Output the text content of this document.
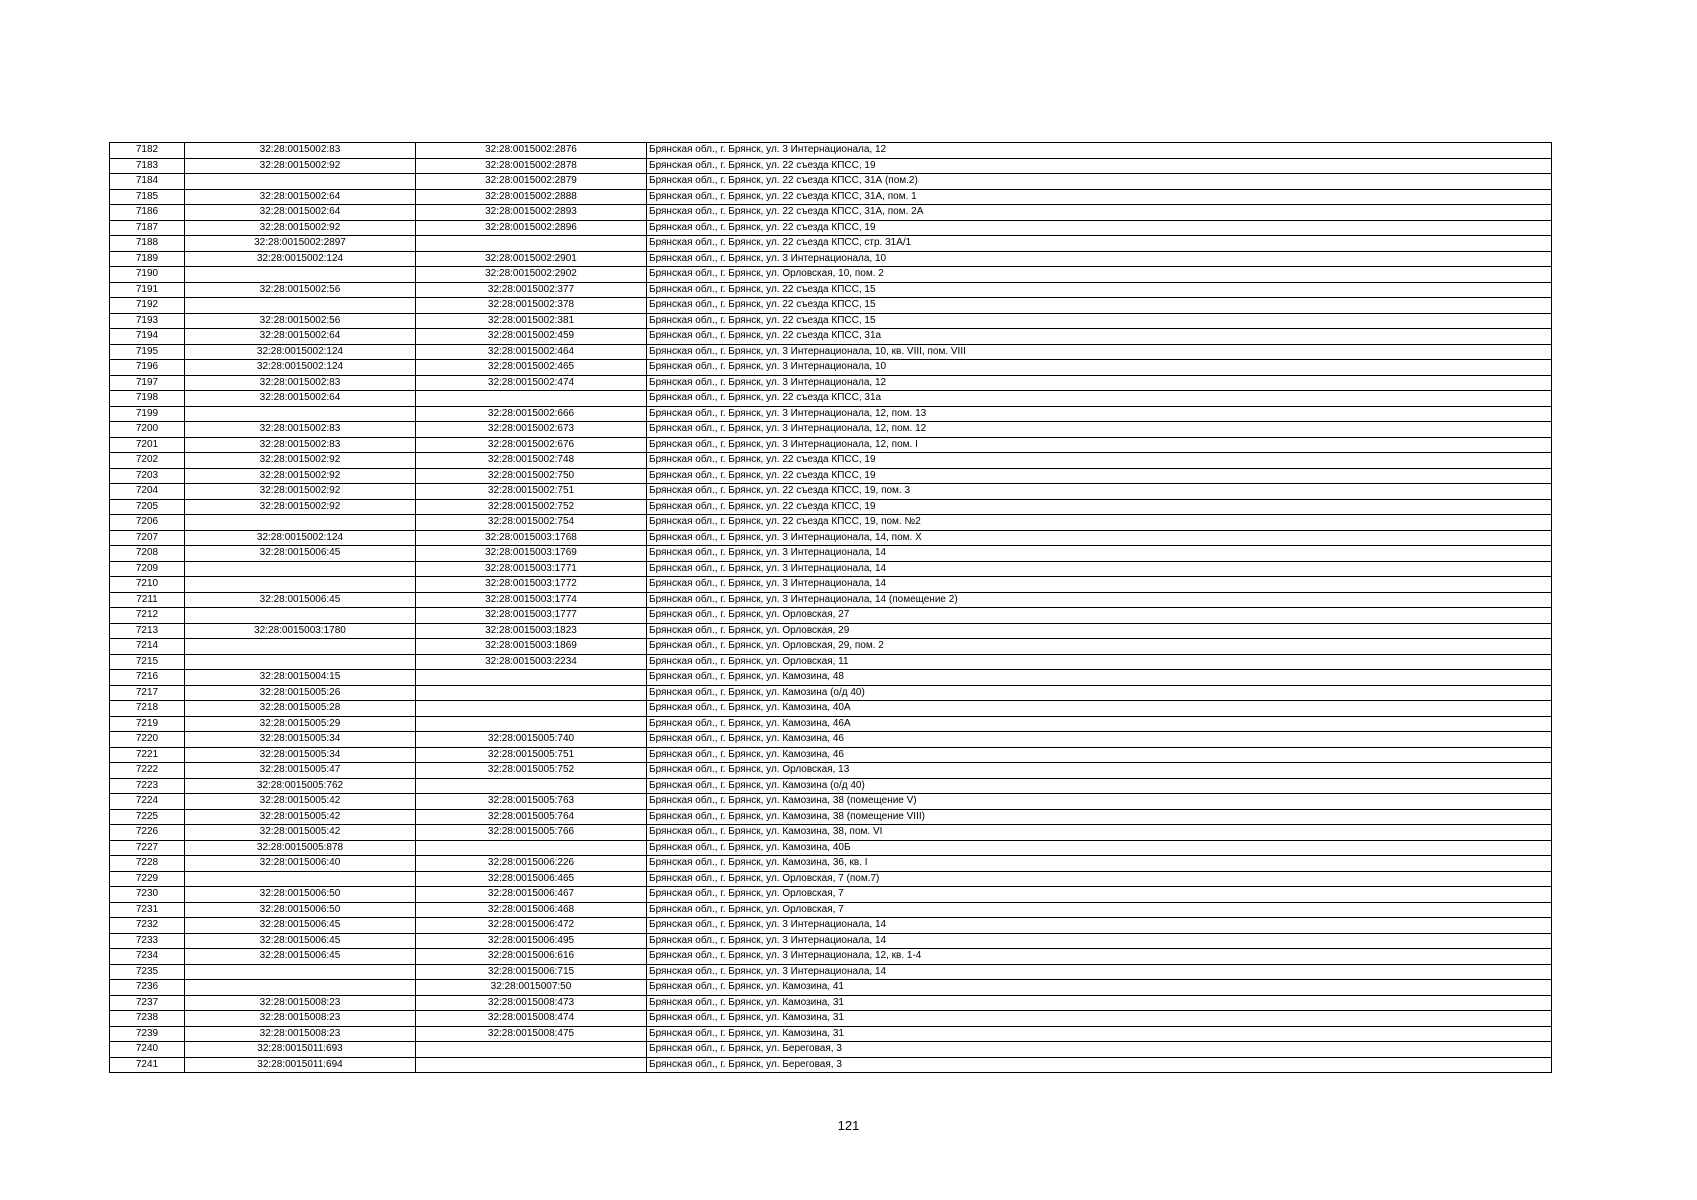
7182	32:28:0015002:83	32:28:0015002:2876	Брянская обл., г. Брянск, ул. 3 Интернационала, 12
7183	32:28:0015002:92	32:28:0015002:2878	Брянская обл., г. Брянск, ул. 22 съезда КПСС, 19
7184		32:28:0015002:2879	Брянская обл., г. Брянск, ул. 22 съезда КПСС, 31А (пом.2)
7185	32:28:0015002:64	32:28:0015002:2888	Брянская обл., г. Брянск, ул. 22 съезда КПСС, 31А, пом. 1
7186	32:28:0015002:64	32:28:0015002:2893	Брянская обл., г. Брянск, ул. 22 съезда КПСС, 31А, пом. 2А
7187	32:28:0015002:92	32:28:0015002:2896	Брянская обл., г. Брянск, ул. 22 съезда КПСС, 19
7188	32:28:0015002:2897		Брянская обл., г. Брянск, ул. 22 съезда КПСС, стр. 31А/1
7189	32:28:0015002:124	32:28:0015002:2901	Брянская обл., г. Брянск, ул. 3 Интернационала, 10
7190		32:28:0015002:2902	Брянская обл., г. Брянск, ул. Орловская, 10, пом. 2
7191	32:28:0015002:56	32:28:0015002:377	Брянская обл., г. Брянск, ул. 22 съезда КПСС, 15
7192		32:28:0015002:378	Брянская обл., г. Брянск, ул. 22 съезда КПСС, 15
7193	32:28:0015002:56	32:28:0015002:381	Брянская обл., г. Брянск, ул. 22 съезда КПСС, 15
7194	32:28:0015002:64	32:28:0015002:459	Брянская обл., г. Брянск, ул. 22 съезда КПСС, 31а
7195	32:28:0015002:124	32:28:0015002:464	Брянская обл., г. Брянск, ул. 3 Интернационала, 10, кв. VIII, пом. VIII
7196	32:28:0015002:124	32:28:0015002:465	Брянская обл., г. Брянск, ул. 3 Интернационала, 10
7197	32:28:0015002:83	32:28:0015002:474	Брянская обл., г. Брянск, ул. 3 Интернационала, 12
7198	32:28:0015002:64		Брянская обл., г. Брянск, ул. 22 съезда КПСС, 31а
7199		32:28:0015002:666	Брянская обл., г. Брянск, ул. 3 Интернационала, 12, пом. 13
7200	32:28:0015002:83	32:28:0015002:673	Брянская обл., г. Брянск, ул. 3 Интернационала, 12, пом. 12
7201	32:28:0015002:83	32:28:0015002:676	Брянская обл., г. Брянск, ул. 3 Интернационала, 12, пом. I
7202	32:28:0015002:92	32:28:0015002:748	Брянская обл., г. Брянск, ул. 22 съезда КПСС, 19
7203	32:28:0015002:92	32:28:0015002:750	Брянская обл., г. Брянск, ул. 22 съезда КПСС, 19
7204	32:28:0015002:92	32:28:0015002:751	Брянская обл., г. Брянск, ул. 22 съезда КПСС, 19, пом. 3
7205	32:28:0015002:92	32:28:0015002:752	Брянская обл., г. Брянск, ул. 22 съезда КПСС, 19
7206		32:28:0015002:754	Брянская обл., г. Брянск, ул. 22 съезда КПСС, 19, пом. №2
7207	32:28:0015002:124	32:28:0015003:1768	Брянская обл., г. Брянск, ул. 3 Интернационала, 14, пом. X
7208	32:28:0015006:45	32:28:0015003:1769	Брянская обл., г. Брянск, ул. 3 Интернационала, 14
7209		32:28:0015003:1771	Брянская обл., г. Брянск, ул. 3 Интернационала, 14
7210		32:28:0015003:1772	Брянская обл., г. Брянск, ул. 3 Интернационала, 14
7211	32:28:0015006:45	32:28:0015003:1774	Брянская обл., г. Брянск, ул. 3 Интернационала, 14 (помещение 2)
7212		32:28:0015003:1777	Брянская обл., г. Брянск, ул. Орловская, 27
7213	32:28:0015003:1780	32:28:0015003:1823	Брянская обл., г. Брянск, ул. Орловская, 29
7214		32:28:0015003:1869	Брянская обл., г. Брянск, ул. Орловская, 29, пом. 2
7215		32:28:0015003:2234	Брянская обл., г. Брянск, ул. Орловская, 11
7216	32:28:0015004:15		Брянская обл., г. Брянск, ул. Камозина, 48
7217	32:28:0015005:26		Брянская обл., г. Брянск, ул. Камозина (о/д 40)
7218	32:28:0015005:28		Брянская обл., г. Брянск, ул. Камозина, 40А
7219	32:28:0015005:29		Брянская обл., г. Брянск, ул. Камозина, 46А
7220	32:28:0015005:34	32:28:0015005:740	Брянская обл., г. Брянск, ул. Камозина, 46
7221	32:28:0015005:34	32:28:0015005:751	Брянская обл., г. Брянск, ул. Камозина, 46
7222	32:28:0015005:47	32:28:0015005:752	Брянская обл., г. Брянск, ул. Орловская, 13
7223	32:28:0015005:762		Брянская обл., г. Брянск, ул. Камозина (о/д 40)
7224	32:28:0015005:42	32:28:0015005:763	Брянская обл., г. Брянск, ул. Камозина, 38 (помещение V)
7225	32:28:0015005:42	32:28:0015005:764	Брянская обл., г. Брянск, ул. Камозина, 38 (помещение VIII)
7226	32:28:0015005:42	32:28:0015005:766	Брянская обл., г. Брянск, ул. Камозина, 38, пом. VI
7227	32:28:0015005:878		Брянская обл., г. Брянск, ул. Камозина, 40Б
7228	32:28:0015006:40	32:28:0015006:226	Брянская обл., г. Брянск, ул. Камозина, 36, кв. I
7229		32:28:0015006:465	Брянская обл., г. Брянск, ул. Орловская, 7 (пом.7)
7230	32:28:0015006:50	32:28:0015006:467	Брянская обл., г. Брянск, ул. Орловская, 7
7231	32:28:0015006:50	32:28:0015006:468	Брянская обл., г. Брянск, ул. Орловская, 7
7232	32:28:0015006:45	32:28:0015006:472	Брянская обл., г. Брянск, ул. 3 Интернационала, 14
7233	32:28:0015006:45	32:28:0015006:495	Брянская обл., г. Брянск, ул. 3 Интернационала, 14
7234	32:28:0015006:45	32:28:0015006:616	Брянская обл., г. Брянск, ул. 3 Интернационала, 12, кв. 1-4
7235		32:28:0015006:715	Брянская обл., г. Брянск, ул. 3 Интернационала, 14
7236		32:28:0015007:50	Брянская обл., г. Брянск, ул. Камозина, 41
7237	32:28:0015008:23	32:28:0015008:473	Брянская обл., г. Брянск, ул. Камозина, 31
7238	32:28:0015008:23	32:28:0015008:474	Брянская обл., г. Брянск, ул. Камозина, 31
7239	32:28:0015008:23	32:28:0015008:475	Брянская обл., г. Брянск, ул. Камозина, 31
7240	32:28:0015011:693		Брянская обл., г. Брянск, ул. Береговая, 3
7241	32:28:0015011:694		Брянская обл., г. Брянск, ул. Береговая, 3
121
